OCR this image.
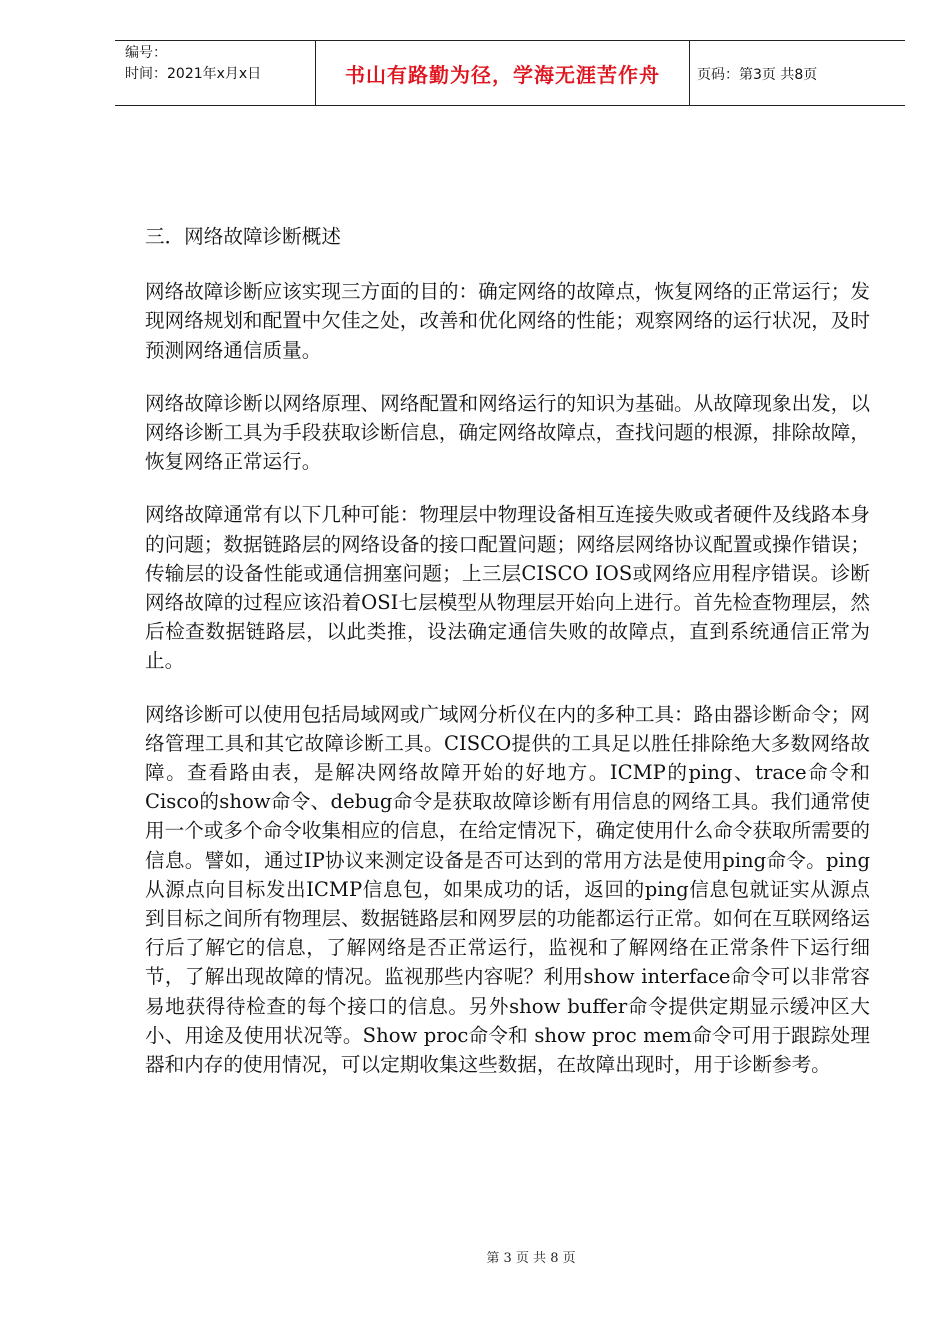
编号：
时间：2021年x月x日	书山有路勤为径，学海无涯苦作舟	页码：第3页 共8页
三．网络故障诊断概述

网络故障诊断应该实现三方面的目的：确定网络的故障点，恢复网络的正常运行；发现网络规划和配置中欠佳之处，改善和优化网络的性能；观察网络的运行状况，及时预测网络通信质量。

网络故障诊断以网络原理、网络配置和网络运行的知识为基础。从故障现象出发，以网络诊断工具为手段获取诊断信息，确定网络故障点，查找问题的根源，排除故障，恢复网络正常运行。

网络故障通常有以下几种可能：物理层中物理设备相互连接失败或者硬件及线路本身的问题；数据链路层的网络设备的接口配置问题；网络层网络协议配置或操作错误；传输层的设备性能或通信拥塞问题；上三层CISCO IOS或网络应用程序错误。诊断网络故障的过程应该沿着OSI七层模型从物理层开始向上进行。首先检查物理层，然后检查数据链路层，以此类推，设法确定通信失败的故障点，直到系统通信正常为止。

网络诊断可以使用包括局域网或广域网分析仪在内的多种工具：路由器诊断命令；网络管理工具和其它故障诊断工具。CISCO提供的工具足以胜任排除绝大多数网络故障。查看路由表，是解决网络故障开始的好地方。ICMP的ping、trace命令和Cisco的show命令、debug命令是获取故障诊断有用信息的网络工具。我们通常使用一个或多个命令收集相应的信息，在给定情况下，确定使用什么命令获取所需要的信息。譬如，通过IP协议来测定设备是否可达到的常用方法是使用ping命令。ping从源点向目标发出ICMP信息包，如果成功的话，返回的ping信息包就证实从源点到目标之间所有物理层、数据链路层和网罗层的功能都运行正常。如何在互联网络运行后了解它的信息，了解网络是否正常运行，监视和了解网络在正常条件下运行细节，了解出现故障的情况。监视那些内容呢？利用show interface命令可以非常容易地获得待检查的每个接口的信息。另外show buffer命令提供定期显示缓冲区大小、用途及使用状况等。Show proc命令和 show proc mem命令可用于跟踪处理器和内存的使用情况，可以定期收集这些数据，在故障出现时，用于诊断参考。

第 3 页 共 8 页
